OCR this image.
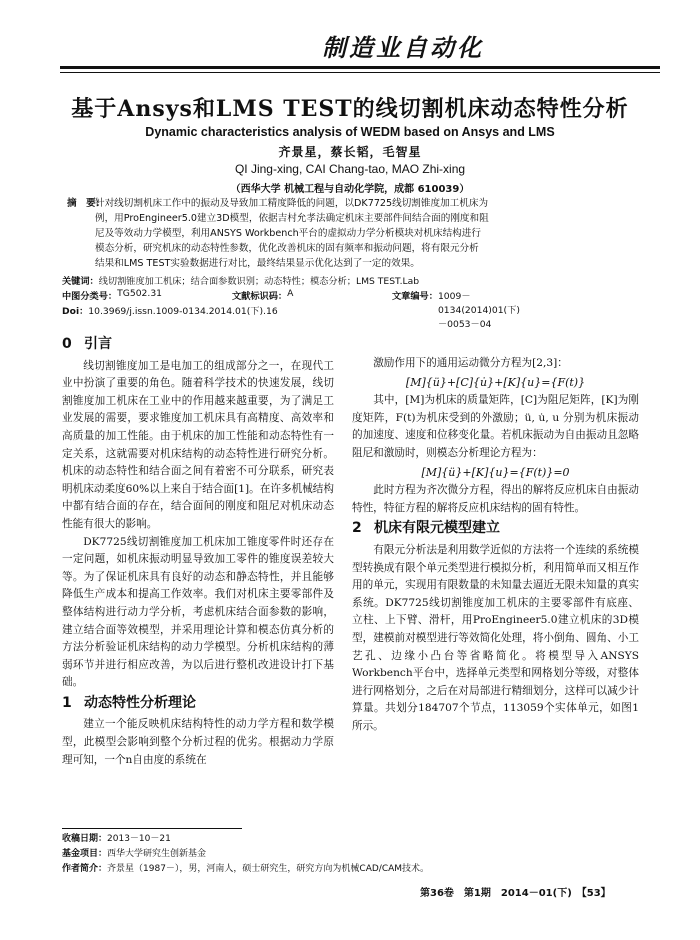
制造业自动化
基于Ansys和LMS TEST的线切割机床动态特性分析
Dynamic characteristics analysis of WEDM based on Ansys and LMS
齐景星，蔡长韬，毛智星
QI Jing-xing, CAI Chang-tao, MAO Zhi-xing
（西华大学 机械工程与自动化学院，成都 610039）
摘　要：
针对线切割机床工作中的振动及导致加工精度降低的问题，以DK7725线切割锥度加工机床为
例，用ProEngineer5.0建立3D模型，依据吉村允孝法确定机床主要部件间结合面的刚度和阻
尼及等效动力学模型，利用ANSYS Workbench平台的虚拟动力学分析模块对机床结构进行
模态分析，研究机床的动态特性参数，优化改善机床的固有频率和振动问题，将有限元分析
结果和LMS TEST实验数据进行对比，最终结果显示优化达到了一定的效果。
关键词：线切割锥度加工机床；结合面参数识别；动态特性；模态分析；LMS TEST.Lab
中图分类号： TG502.31	文献标识码： A	文章编号： 1009－0134(2014)01(下)－0053－04
Doi：10.3969/j.issn.1009-0134.2014.01(下).16
0 引言

线切割锥度加工是电加工的组成部分之一，在现代工业中扮演了重要的角色。随着科学技术的快速发展，线切割锥度加工机床在工业中的作用越来越重要，为了满足工业发展的需要，要求锥度加工机床具有高精度、高效率和高质量的加工性能。由于机床的加工性能和动态特性有一定关系，这就需要对机床结构的动态特性进行研究分析。机床的动态特性和结合面之间有着密不可分联系，研究表明机床动柔度60%以上来自于结合面[1]。在许多机械结构中都有结合面的存在，结合面间的刚度和阻尼对机床动态性能有很大的影响。

DK7725线切割锥度加工机床加工锥度零件时还存在一定问题，如机床振动明显导致加工零件的锥度误差较大等。为了保证机床具有良好的动态和静态特性，并且能够降低生产成本和提高工作效率。我们对机床主要零部件及整体结构进行动力学分析，考虑机床结合面参数的影响，建立结合面等效模型，并采用理论计算和模态仿真分析的方法分析验证机床结构的动力学模型。分析机床结构的薄弱环节并进行相应改善，为以后进行整机改进设计打下基础。

1 动态特性分析理论

建立一个能反映机床结构特性的动力学方程和数学模型，此模型会影响到整个分析过程的优劣。根据动力学原理可知，一个n自由度的系统在

激励作用下的通用运动微分方程为[2,3]：

[M]{ü}+[C]{u̇}+[K]{u}={F(t)}

其中，[M]为机床的质量矩阵，[C]为阻尼矩阵，[K]为刚度矩阵，F(t)为机床受到的外激励；ü, u̇, u 分别为机床振动的加速度、速度和位移变化量。若机床振动为自由振动且忽略阻尼和激励时，则模态分析理论方程为：

[M]{ü}+[K]{u}={F(t)}=0

此时方程为齐次微分方程，得出的解将反应机床自由振动特性，特征方程的解将反应机床结构的固有特性。

2 机床有限元模型建立

有限元分析法是利用数学近似的方法将一个连续的系统模型转换成有限个单元类型进行模拟分析，利用简单而又相互作用的单元，实现用有限数量的未知量去逼近无限未知量的真实系统。DK7725线切割锥度加工机床的主要零部件有底座、立柱、上下臂、滑杆，用ProEngineer5.0建立机床的3D模型，建模前对模型进行等效简化处理，将小倒角、圆角、小工艺孔、边缘小凸台等省略简化。将模型导入ANSYS Workbench平台中，选择单元类型和网格划分等级，对整体进行网格划分，之后在对局部进行精细划分，这样可以减少计算量。共划分184707个节点，113059个实体单元，如图1所示。

收稿日期：2013－10－21
基金项目：西华大学研究生创新基金
作者简介：齐景星（1987－），男，河南人，硕士研究生，研究方向为机械CAD/CAM技术。
第36卷　第1期　2014－01(下)　 【53】
